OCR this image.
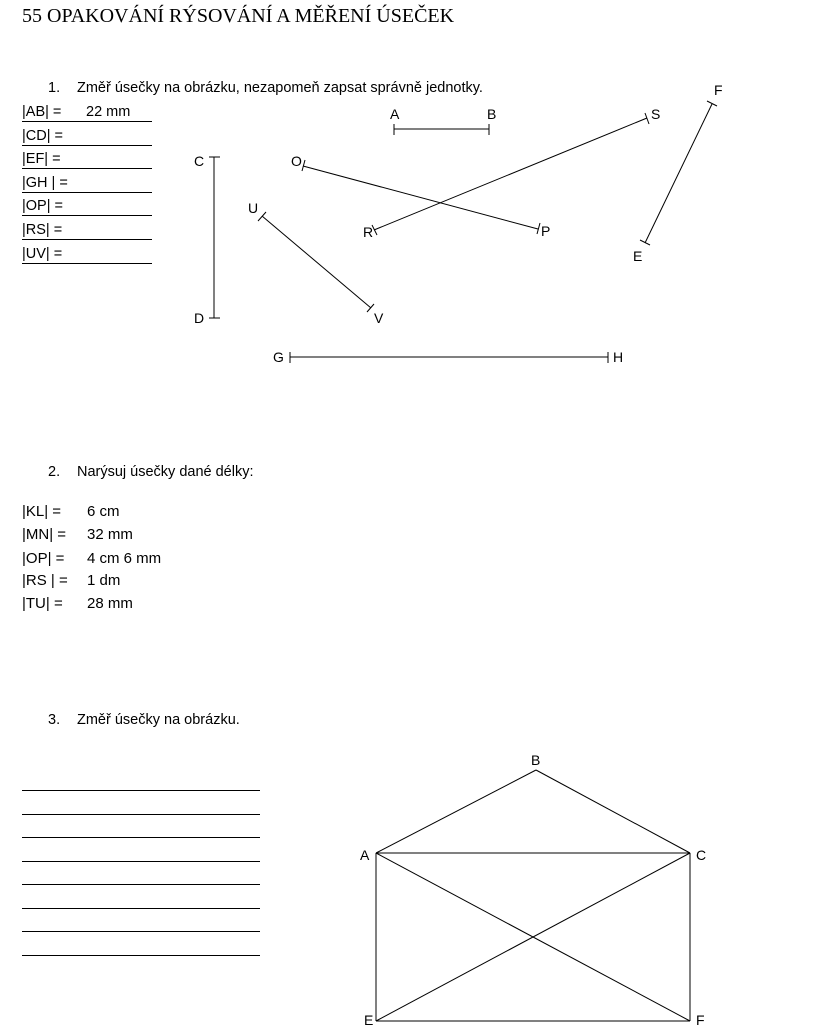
55 OPAKOVÁNÍ RÝSOVÁNÍ A MĚŘENÍ ÚSEČEK
1. Změř úsečky na obrázku, nezapomeň zapsat správně jednotky.
|AB| = 22 mm
|CD| =
|EF| =
|GH | =
|OP| =
|RS| =
|UV| =
A	B
C
D
E
F
G	H
O
P
R
S
U
V
2. Narýsuj úsečky dané délky:
|KL| = 6 cm
|MN| = 32 mm
|OP| = 4 cm 6 mm
|RS | = 1 dm
|TU| = 28 mm
3. Změř úsečky na obrázku.
B
A	C
E	F
